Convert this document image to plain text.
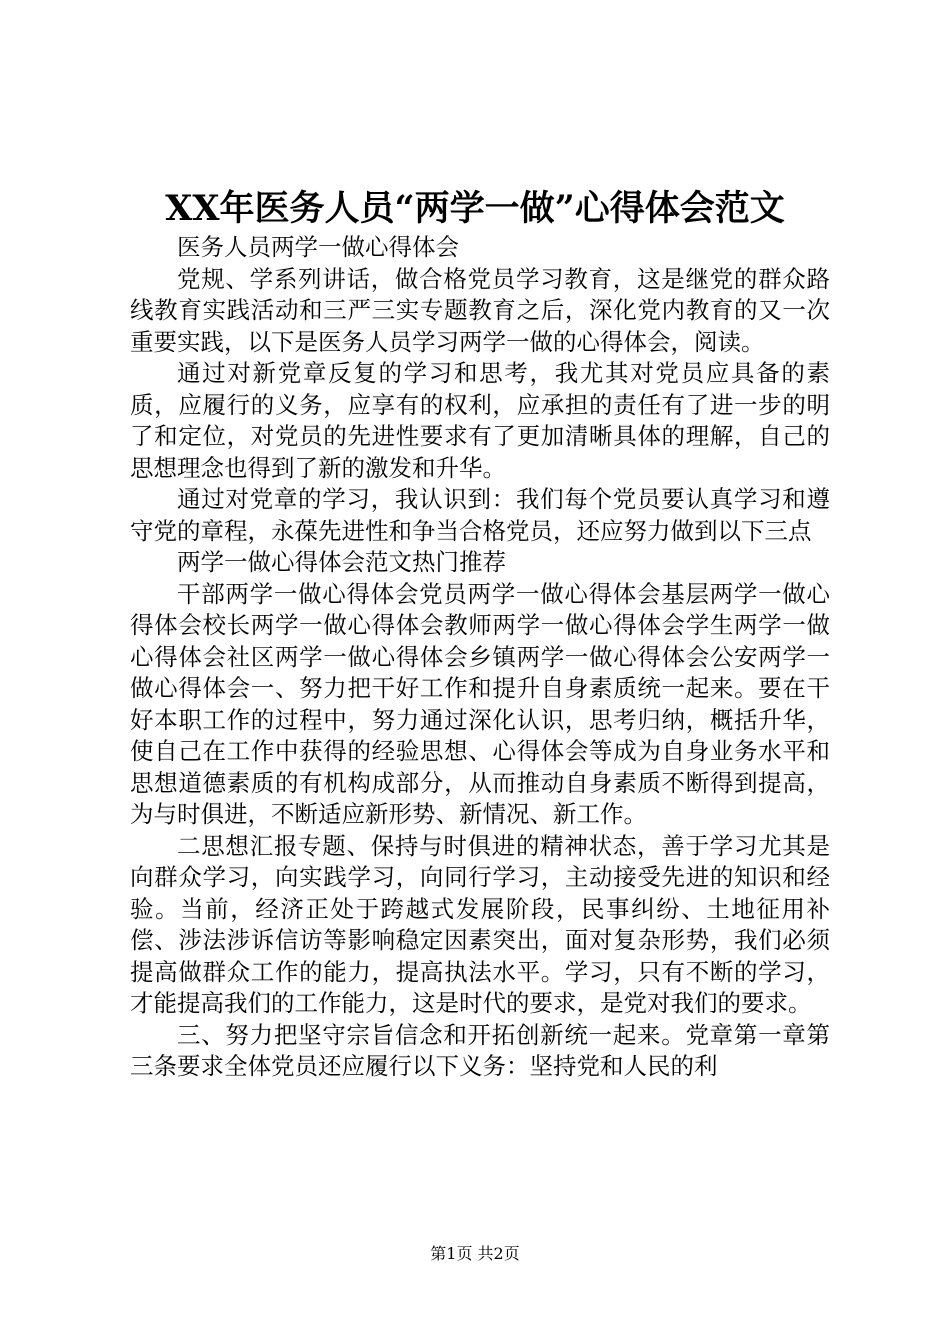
XX年医务人员“两学一做”心得体会范文

医务人员两学一做心得体会

党规、学系列讲话，做合格党员学习教育，这是继党的群众路线教育实践活动和三严三实专题教育之后，深化党内教育的又一次重要实践，以下是医务人员学习两学一做的心得体会，阅读。

通过对新党章反复的学习和思考，我尤其对党员应具备的素质，应履行的义务，应享有的权利，应承担的责任有了进一步的明了和定位，对党员的先进性要求有了更加清晰具体的理解，自己的思想理念也得到了新的激发和升华。

通过对党章的学习，我认识到：我们每个党员要认真学习和遵守党的章程，永葆先进性和争当合格党员，还应努力做到以下三点

两学一做心得体会范文热门推荐

干部两学一做心得体会党员两学一做心得体会基层两学一做心得体会校长两学一做心得体会教师两学一做心得体会学生两学一做心得体会社区两学一做心得体会乡镇两学一做心得体会公安两学一做心得体会一、努力把干好工作和提升自身素质统一起来。要在干好本职工作的过程中，努力通过深化认识，思考归纳，概括升华，使自己在工作中获得的经验思想、心得体会等成为自身业务水平和思想道德素质的有机构成部分，从而推动自身素质不断得到提高，为与时俱进，不断适应新形势、新情况、新工作。

二思想汇报专题、保持与时俱进的精神状态，善于学习尤其是向群众学习，向实践学习，向同行学习，主动接受先进的知识和经验。当前，经济正处于跨越式发展阶段，民事纠纷、土地征用补偿、涉法涉诉信访等影响稳定因素突出，面对复杂形势，我们必须提高做群众工作的能力，提高执法水平。学习，只有不断的学习，才能提高我们的工作能力，这是时代的要求，是党对我们的要求。

三、努力把坚守宗旨信念和开拓创新统一起来。党章第一章第三条要求全体党员还应履行以下义务：坚持党和人民的利

第1页 共2页
